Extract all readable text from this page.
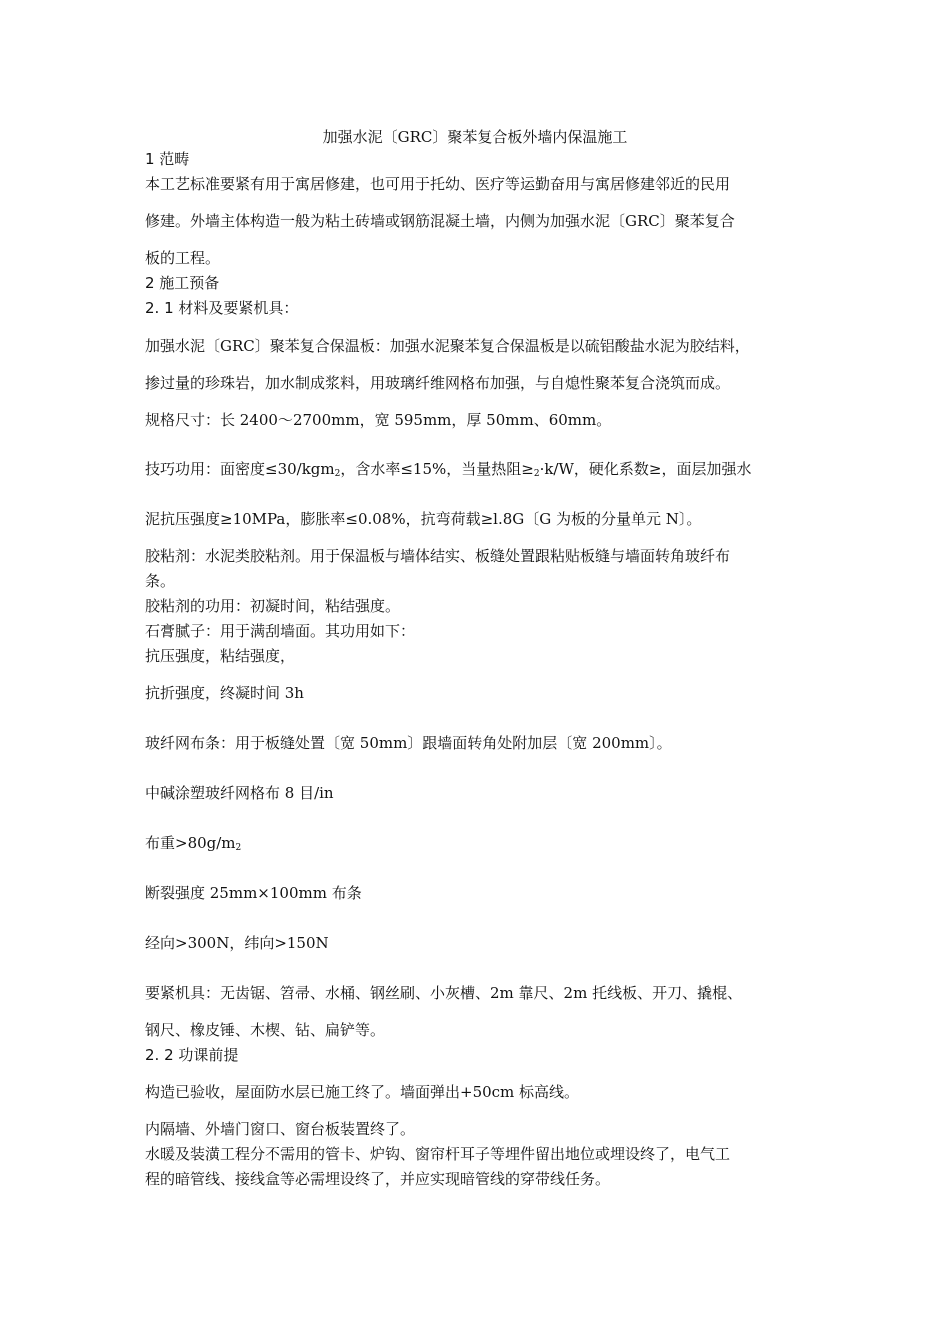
加强水泥〔GRC〕聚苯复合板外墙内保温施工

1 范畴

本工艺标准要紧有用于寓居修建，也可用于托幼、医疗等运勤奋用与寓居修建邻近的民用

修建。外墙主体构造一般为粘土砖墙或钢筋混凝土墙，内侧为加强水泥〔GRC〕聚苯复合

板的工程。

2 施工预备

2. 1 材料及要紧机具：

加强水泥〔GRC〕聚苯复合保温板：加强水泥聚苯复合保温板是以硫铝酸盐水泥为胶结料，

掺过量的珍珠岩，加水制成浆料，用玻璃纤维网格布加强，与自熄性聚苯复合浇筑而成。

规格尺寸：长 2400～2700mm，宽 595mm，厚 50mm、60mm。

技巧功用：面密度≤30/kgm$_2$，含水率≤15%，当量热阻$\ge_2\cdot k/W$，硬化系数≥，面层加强水

泥抗压强度≥10MPa，膨胀率≤0.08%，抗弯荷载≥l.8G〔G 为板的分量单元 N〕。

胶粘剂：水泥类胶粘剂。用于保温板与墙体结实、板缝处置跟粘贴板缝与墙面转角玻纤布

条。

胶粘剂的功用：初凝时间，粘结强度。

石膏腻子：用于满刮墙面。其功用如下：

抗压强度，粘结强度，

抗折强度，终凝时间 3h

玻纤网布条：用于板缝处置〔宽 50mm〕跟墙面转角处附加层〔宽 200mm〕。

中碱涂塑玻纤网格布 8 目/in

布重$>80g/m_2$

断裂强度 25mm×100mm 布条

经向>300N，纬向>150N

要紧机具：无齿锯、笤帚、水桶、钢丝刷、小灰槽、2m 靠尺、2m 托线板、开刀、撬棍、

钢尺、橡皮锤、木楔、钻、扁铲等。

2. 2 功课前提

构造已验收，屋面防水层已施工终了。墙面弹出+50cm 标高线。

内隔墙、外墙门窗口、窗台板装置终了。

水暖及装潢工程分不需用的管卡、炉钩、窗帘杆耳子等埋件留出地位或埋设终了，电气工

程的暗管线、接线盒等必需埋设终了，并应实现暗管线的穿带线任务。
